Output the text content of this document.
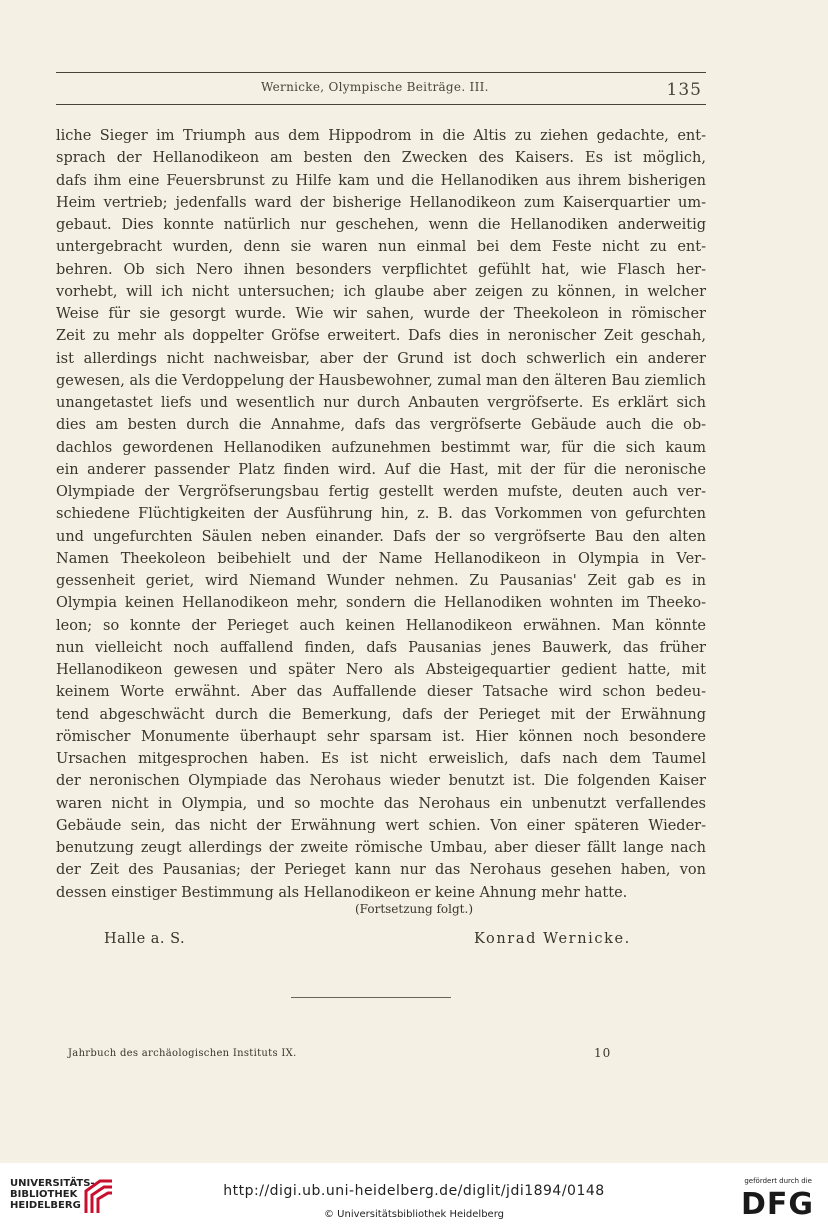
Wernicke, Olympische Beiträge. III.	135
liche Sieger im Triumph aus dem Hippodrom in die Altis zu ziehen gedachte, ent-
sprach der Hellanodikeon am besten den Zwecken des Kaisers. Es ist möglich,
dafs ihm eine Feuersbrunst zu Hilfe kam und die Hellanodiken aus ihrem bisherigen
Heim vertrieb; jedenfalls ward der bisherige Hellanodikeon zum Kaiserquartier um-
gebaut. Dies konnte natürlich nur geschehen, wenn die Hellanodiken anderweitig
untergebracht wurden, denn sie waren nun einmal bei dem Feste nicht zu ent-
behren. Ob sich Nero ihnen besonders verpflichtet gefühlt hat, wie Flasch her-
vorhebt, will ich nicht untersuchen; ich glaube aber zeigen zu können, in welcher
Weise für sie gesorgt wurde. Wie wir sahen, wurde der Theekoleon in römischer
Zeit zu mehr als doppelter Gröfse erweitert. Dafs dies in neronischer Zeit geschah,
ist allerdings nicht nachweisbar, aber der Grund ist doch schwerlich ein anderer
gewesen, als die Verdoppelung der Hausbewohner, zumal man den älteren Bau ziemlich
unangetastet liefs und wesentlich nur durch Anbauten vergröfserte. Es erklärt sich
dies am besten durch die Annahme, dafs das vergröfserte Gebäude auch die ob-
dachlos gewordenen Hellanodiken aufzunehmen bestimmt war, für die sich kaum
ein anderer passender Platz finden wird. Auf die Hast, mit der für die neronische
Olympiade der Vergröfserungsbau fertig gestellt werden mufste, deuten auch ver-
schiedene Flüchtigkeiten der Ausführung hin, z. B. das Vorkommen von gefurchten
und ungefurchten Säulen neben einander. Dafs der so vergröfserte Bau den alten
Namen Theekoleon beibehielt und der Name Hellanodikeon in Olympia in Ver-
gessenheit geriet, wird Niemand Wunder nehmen. Zu Pausanias' Zeit gab es in
Olympia keinen Hellanodikeon mehr, sondern die Hellanodiken wohnten im Theeko-
leon; so konnte der Perieget auch keinen Hellanodikeon erwähnen. Man könnte
nun vielleicht noch auffallend finden, dafs Pausanias jenes Bauwerk, das früher
Hellanodikeon gewesen und später Nero als Absteigequartier gedient hatte, mit
keinem Worte erwähnt. Aber das Auffallende dieser Tatsache wird schon bedeu-
tend abgeschwächt durch die Bemerkung, dafs der Perieget mit der Erwähnung
römischer Monumente überhaupt sehr sparsam ist. Hier können noch besondere
Ursachen mitgesprochen haben. Es ist nicht erweislich, dafs nach dem Taumel
der neronischen Olympiade das Nerohaus wieder benutzt ist. Die folgenden Kaiser
waren nicht in Olympia, und so mochte das Nerohaus ein unbenutzt verfallendes
Gebäude sein, das nicht der Erwähnung wert schien. Von einer späteren Wieder-
benutzung zeugt allerdings der zweite römische Umbau, aber dieser fällt lange nach
der Zeit des Pausanias; der Perieget kann nur das Nerohaus gesehen haben, von
dessen einstiger Bestimmung als Hellanodikeon er keine Ahnung mehr hatte.
(Fortsetzung folgt.)
Halle a. S.	Konrad Wernicke.
Jahrbuch des archäologischen Instituts IX.	10
UNIVERSITÄTS-
BIBLIOTHEK
HEIDELBERG
http://digi.ub.uni-heidelberg.de/diglit/jdi1894/0148
© Universitätsbibliothek Heidelberg
gefördert durch die
DFG
